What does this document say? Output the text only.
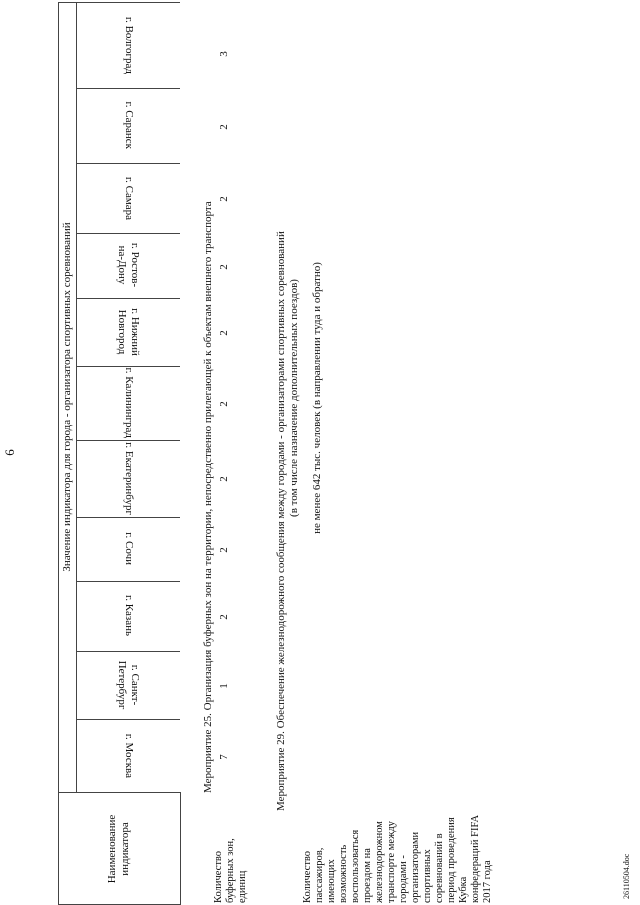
6
Наименование индикатора
Значение индикатора для города - организатора спортивных соревнований
г. Москва
г. Санкт-Петербург
г. Казань
г. Сочи
г. Екатеринбург
г. Калининград
г. Нижний Новгород
г. Ростов-на-Дону
г. Самара
г. Саранск
г. Волгоград
Мероприятие 25. Организация буферных зон на территории, непосредственно прилегающей к объектам внешнего транспорта
Количество буферных зон, единиц
7
1
2
2
2
2
2
2
2
2
3
Мероприятие 29. Обеспечение железнодорожного сообщения между городами - организаторами спортивных соревнований (в том числе назначение дополнительных поездов)
Количество пассажиров, имеющих возможность воспользоваться проездом на железнодорожном транспорте между городами - организаторами спортивных соревнований в период проведения Кубка конфедераций FIFA 2017 года
не менее 642 тыс. человек (в направлении туда и обратно)
26110504.doc
